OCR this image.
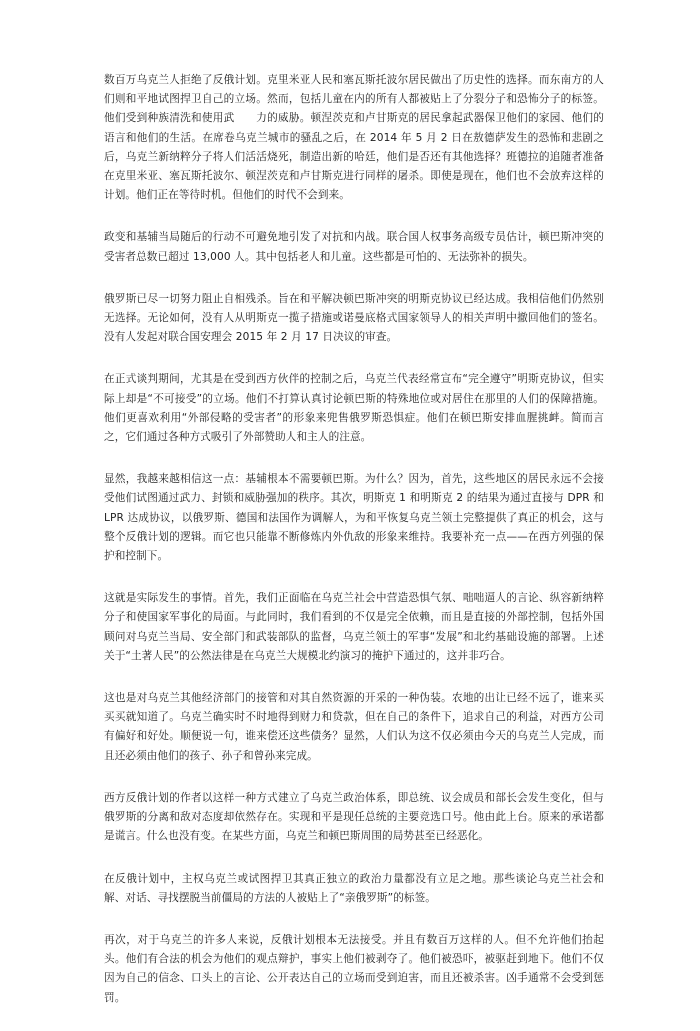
数百万乌克兰人拒绝了反俄计划。克里米亚人民和塞瓦斯托波尔居民做出了历史性的选择。而东南方的人们则和平地试图捍卫自己的立场。然而，包括儿童在内的所有人都被贴上了分裂分子和恐怖分子的标签。他们受到种族清洗和使用武　　力的威胁。顿涅茨克和卢甘斯克的居民拿起武器保卫他们的家园、他们的语言和他们的生活。在席卷乌克兰城市的骚乱之后，在 2014 年 5 月 2 日在敖德萨发生的恐怖和悲剧之后，乌克兰新纳粹分子将人们活活烧死，制造出新的哈廷，他们是否还有其他选择？班德拉的追随者准备在克里米亚、塞瓦斯托波尔、顿涅茨克和卢甘斯克进行同样的屠杀。即使是现在，他们也不会放弃这样的计划。他们正在等待时机。但他们的时代不会到来。

政变和基辅当局随后的行动不可避免地引发了对抗和内战。联合国人权事务高级专员估计，顿巴斯冲突的受害者总数已超过 13,000 人。其中包括老人和儿童。这些都是可怕的、无法弥补的损失。

俄罗斯已尽一切努力阻止自相残杀。旨在和平解决顿巴斯冲突的明斯克协议已经达成。我相信他们仍然别无选择。无论如何，没有人从明斯克一揽子措施或诺曼底格式国家领导人的相关声明中撤回他们的签名。没有人发起对联合国安理会 2015 年 2 月 17 日决议的审查。

在正式谈判期间，尤其是在受到西方伙伴的控制之后，乌克兰代表经常宣布“完全遵守”明斯克协议，但实际上却是“不可接受”的立场。他们不打算认真讨论顿巴斯的特殊地位或对居住在那里的人们的保障措施。他们更喜欢利用“外部侵略的受害者”的形象来兜售俄罗斯恐惧症。他们在顿巴斯安排血腥挑衅。简而言之，它们通过各种方式吸引了外部赞助人和主人的注意。

显然，我越来越相信这一点：基辅根本不需要顿巴斯。为什么？因为，首先，这些地区的居民永远不会接受他们试图通过武力、封锁和威胁强加的秩序。其次，明斯克 1 和明斯克 2 的结果为通过直接与 DPR 和 LPR 达成协议，以俄罗斯、德国和法国作为调解人，为和平恢复乌克兰领土完整提供了真正的机会，这与整个反俄计划的逻辑。而它也只能靠不断修炼内外仇敌的形象来维持。我要补充一点——在西方列强的保护和控制下。

这就是实际发生的事情。首先，我们正面临在乌克兰社会中营造恐惧气氛、咄咄逼人的言论、纵容新纳粹分子和使国家军事化的局面。与此同时，我们看到的不仅是完全依赖，而且是直接的外部控制，包括外国顾问对乌克兰当局、安全部门和武装部队的监督，乌克兰领土的军事“发展”和北约基础设施的部署。上述关于“土著人民”的公然法律是在乌克兰大规模北约演习的掩护下通过的，这并非巧合。

这也是对乌克兰其他经济部门的接管和对其自然资源的开采的一种伪装。农地的出让已经不远了，谁来买买买就知道了。乌克兰确实时不时地得到财力和贷款，但在自己的条件下，追求自己的利益，对西方公司有偏好和好处。顺便说一句，谁来偿还这些债务？显然，人们认为这不仅必须由今天的乌克兰人完成，而且还必须由他们的孩子、孙子和曾孙来完成。

西方反俄计划的作者以这样一种方式建立了乌克兰政治体系，即总统、议会成员和部长会发生变化，但与俄罗斯的分离和敌对态度却依然存在。实现和平是现任总统的主要竞选口号。他由此上台。原来的承诺都是谎言。什么也没有变。在某些方面，乌克兰和顿巴斯周围的局势甚至已经恶化。

在反俄计划中，主权乌克兰或试图捍卫其真正独立的政治力量都没有立足之地。那些谈论乌克兰社会和解、对话、寻找摆脱当前僵局的方法的人被贴上了“亲俄罗斯”的标签。

再次，对于乌克兰的许多人来说，反俄计划根本无法接受。并且有数百万这样的人。但不允许他们抬起头。他们有合法的机会为他们的观点辩护，事实上他们被剥夺了。他们被恐吓，被驱赶到地下。他们不仅因为自己的信念、口头上的言论、公开表达自己的立场而受到迫害，而且还被杀害。凶手通常不会受到惩罚。
